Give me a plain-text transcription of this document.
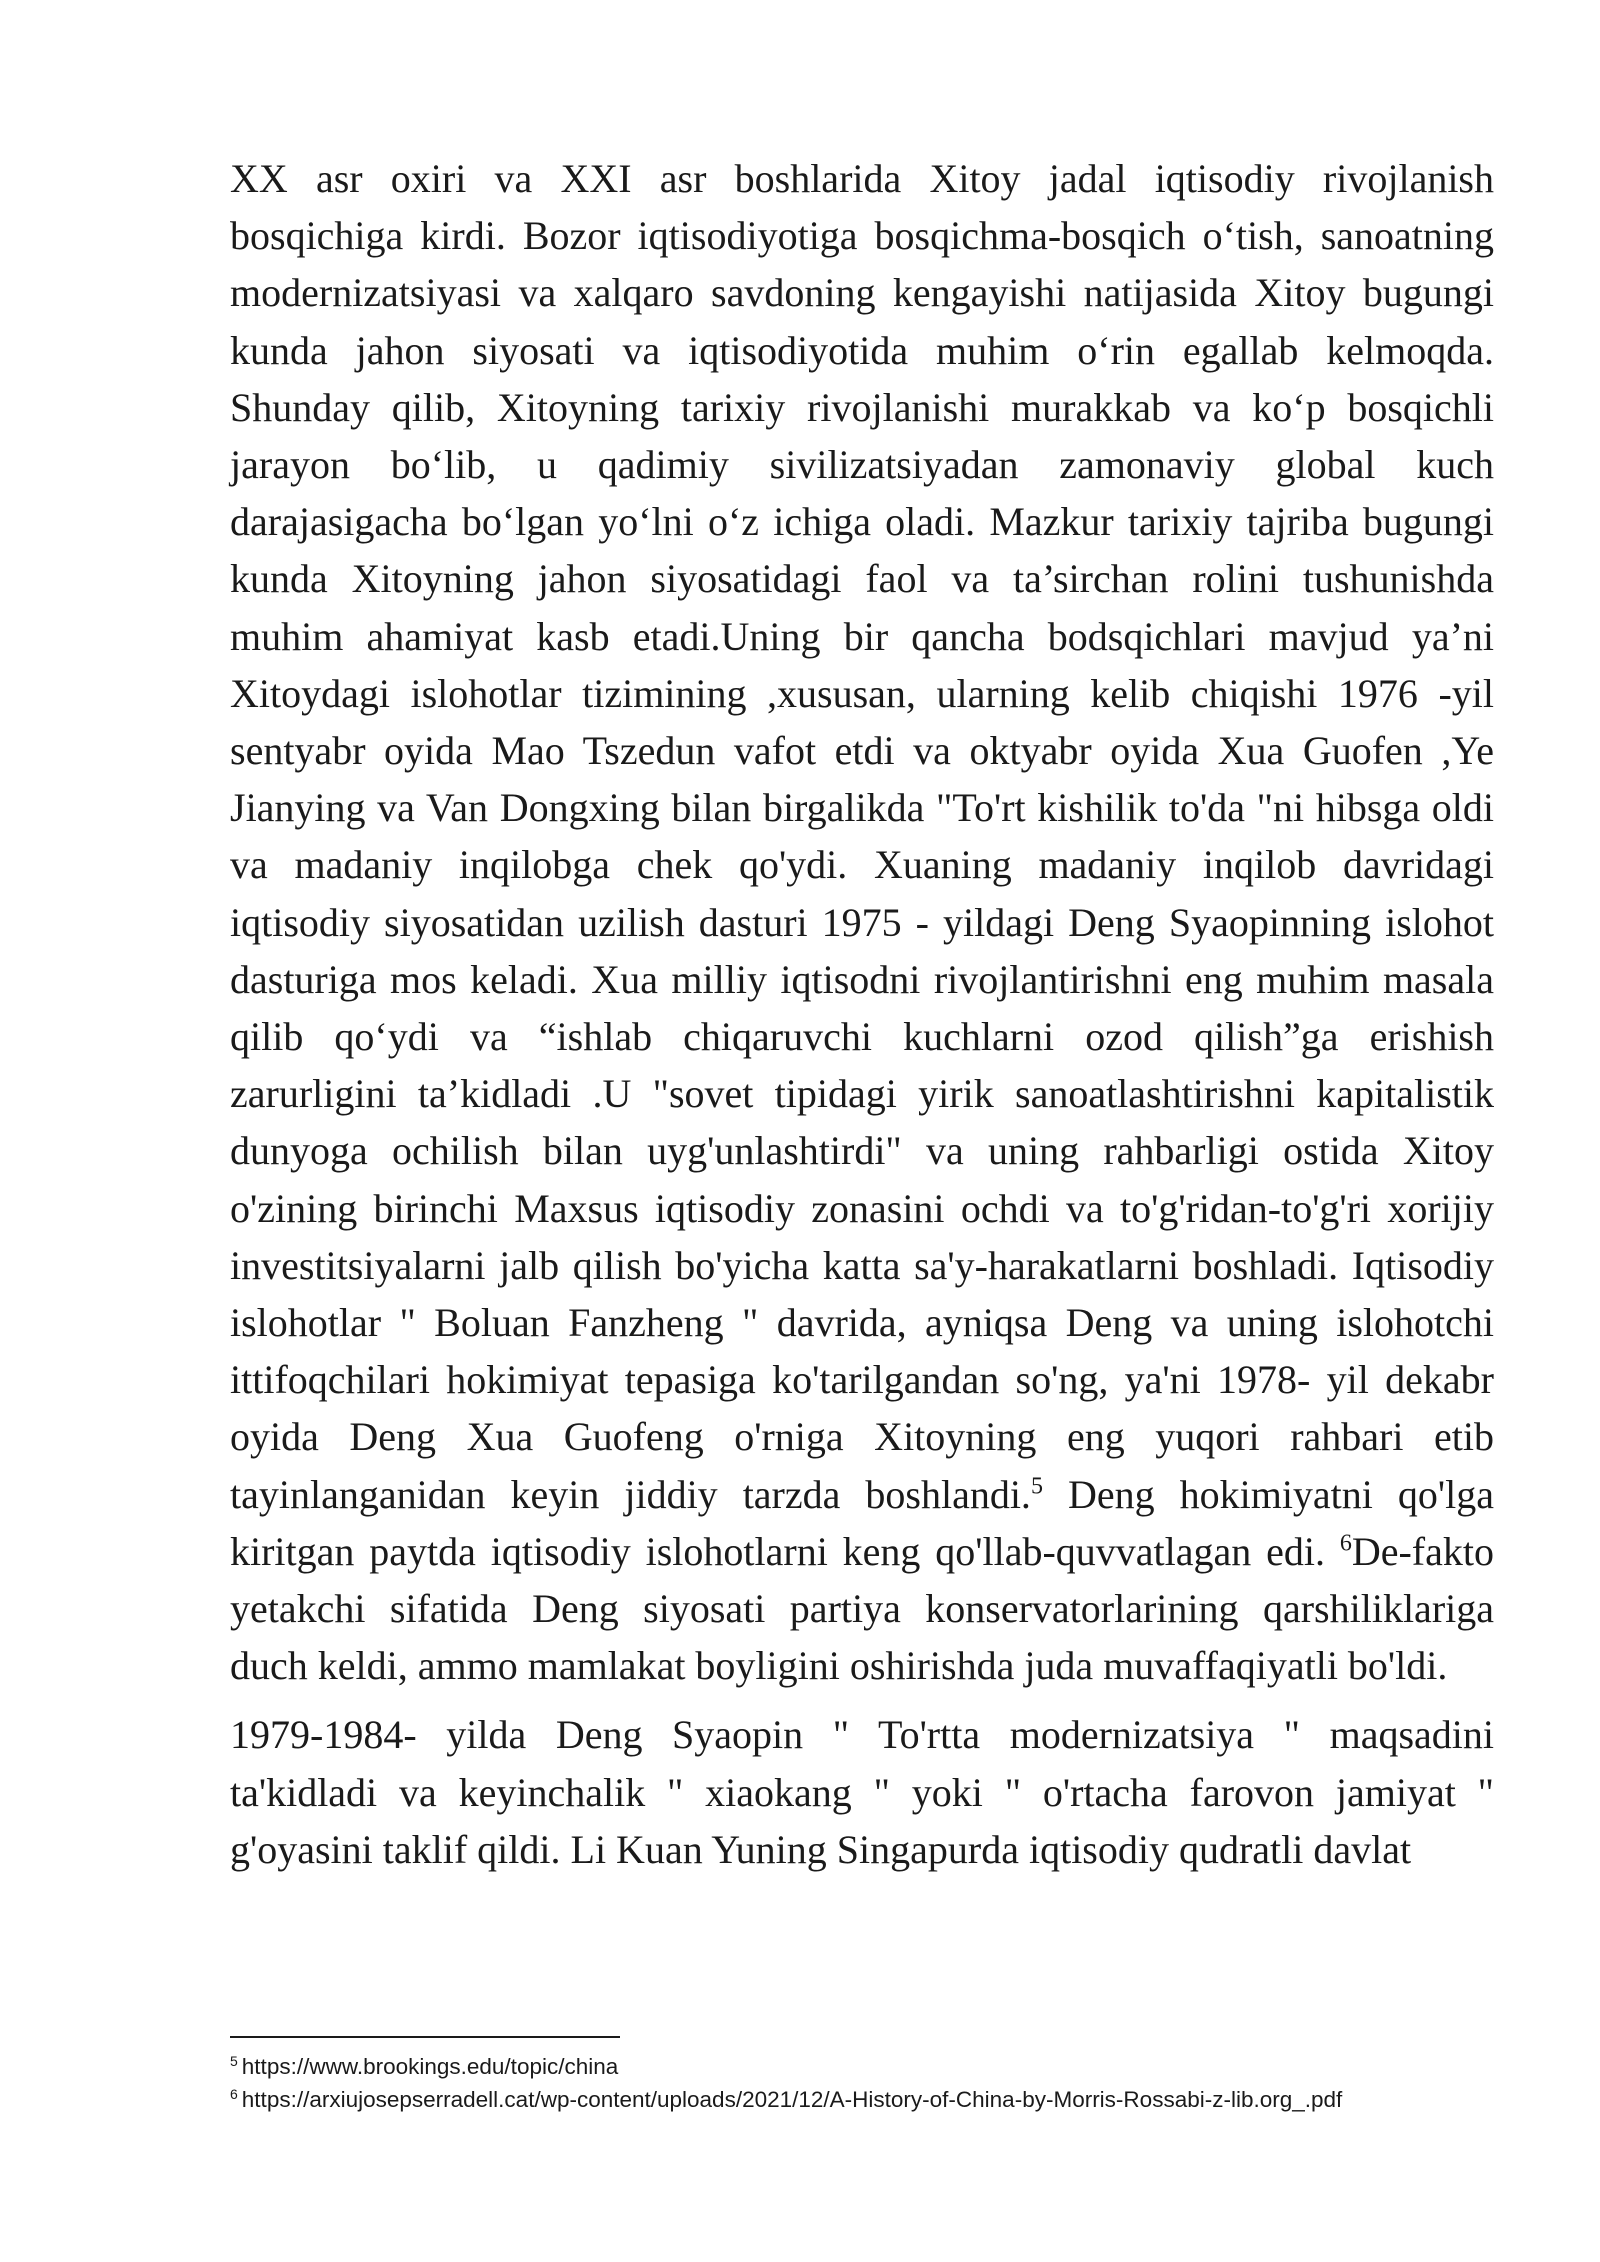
XX asr oxiri va XXI asr boshlarida Xitoy jadal iqtisodiy rivojlanish bosqichiga kirdi. Bozor iqtisodiyotiga bosqichma-bosqich o‘tish, sanoatning modernizatsiyasi va xalqaro savdoning kengayishi natijasida Xitoy bugungi kunda jahon siyosati va iqtisodiyotida muhim o‘rin egallab kelmoqda. Shunday qilib, Xitoyning tarixiy rivojlanishi murakkab va ko‘p bosqichli jarayon bo‘lib, u qadimiy sivilizatsiyadan zamonaviy global kuch darajasigacha bo‘lgan yo‘lni o‘z ichiga oladi. Mazkur tarixiy tajriba bugungi kunda Xitoyning jahon siyosatidagi faol va ta’sirchan rolini tushunishda muhim ahamiyat kasb etadi.Uning bir qancha bodsqichlari mavjud ya’ni Xitoydagi islohotlar tizimining ,xususan, ularning kelib chiqishi 1976 -yil sentyabr oyida Mao Tszedun vafot etdi va oktyabr oyida Xua Guofen ,Ye Jianying va Van Dongxing bilan birgalikda "To'rt kishilik to'da "ni hibsga oldi va madaniy inqilobga chek qo'ydi. Xuaning madaniy inqilob davridagi iqtisodiy siyosatidan uzilish dasturi 1975 - yildagi Deng Syaopinning islohot dasturiga mos keladi. Xua milliy iqtisodni rivojlantirishni eng muhim masala qilib qo‘ydi va “ishlab chiqaruvchi kuchlarni ozod qilish”ga erishish zarurligini ta’kidladi .U "sovet tipidagi yirik sanoatlashtirishni kapitalistik dunyoga ochilish bilan uyg'unlashtirdi" va uning rahbarligi ostida Xitoy o'zining birinchi Maxsus iqtisodiy zonasini ochdi va to'g'ridan-to'g'ri xorijiy investitsiyalarni jalb qilish bo'yicha katta sa'y-harakatlarni boshladi. Iqtisodiy islohotlar " Boluan Fanzheng " davrida, ayniqsa Deng va uning islohotchi ittifoqchilari hokimiyat tepasiga ko'tarilgandan so'ng, ya'ni 1978- yil dekabr oyida Deng Xua Guofeng o'rniga Xitoyning eng yuqori rahbari etib tayinlanganidan keyin jiddiy tarzda boshlandi.$^5$ Deng hokimiyatni qo'lga kiritgan paytda iqtisodiy islohotlarni keng qo'llab-quvvatlagan edi. $^6$De-fakto yetakchi sifatida Deng siyosati partiya konservatorlarining qarshiliklariga duch keldi, ammo mamlakat boyligini oshirishda juda muvaffaqiyatli bo'ldi.

1979-1984- yilda Deng Syaopin " To'rtta modernizatsiya " maqsadini ta'kidladi va keyinchalik " xiaokang " yoki " o'rtacha farovon jamiyat " g'oyasini taklif qildi. Li Kuan Yuning Singapurda iqtisodiy qudratli davlat

$^5$ https://www.brookings.edu/topic/china
$^6$ https://arxiujosepserradell.cat/wp-content/uploads/2021/12/A-History-of-China-by-Morris-Rossabi-z-lib.org_.pdf
